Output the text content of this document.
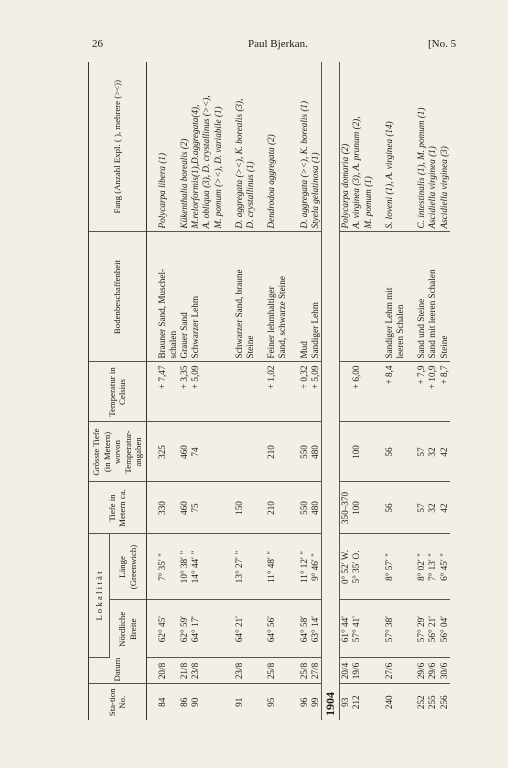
26	Paul Bjerkan.	[No. 5
Sta-tion No.	Datum	L o k a l i t ä t		Tiefe in Metern ca.	Grösste Tiefe (in Metern) wovon Temperatur-angaben	Temperatur in Celsius	Bodenbeschaffenheit	Fang (Anzahl Expl. ( ), mehrere (><))
		Nördliche Breite	Länge (Greenwich)					

84	20/8	62° 45′	7° 35′ "	330	325	+ 7,47	Brauner Sand, Muschel-	Polycarpa libera (1)
							schalen	
86	21/8	62° 59′	10° 38′ "	460	460	+ 3,35	Grauer Sand	Kükenthalia borealis (2)
90	23/8	64° 17′	14° 44′ "	75	74	+ 5,09	Schwarzer Lehm	M.relorformis(1),D.aggregata(4),
								A. obliqua (3), D. crystallinus (><),
								M. pomum (><), D. variabile (1)

91	23/8	64° 21′	13° 27′ "	150			Schwarzer Sand, braune	D. aggregata (><), K. borealis (3),
							Steine	D. crystallinus (1)

95	25/8	64° 56′	11° 48′ "	210	210	+ 1,02	Feiner lehmhaltiger	Dendrodoa aggregata (2)
							Sand, schwarze Steine	

96	25/8	64° 58′	11° 12′ "	550	550	÷ 0,32	Mud	D. aggregata (><), K. borealis (1)
99	27/8	63° 14′	9° 46′ "	480	480	+ 5,09	Sandiger Lehm	Styela gelatinosa (1)
1904								
93	20/4	61° 44′	0° 52′ W.	350–370				Polycarpa domaria (2)
212	19/6	57° 41′	5° 35′ O.	100	100	+ 6,00		A. virginea (3), A. prunum (2),
								M. pomum (1)

240	27/6	57° 38′	8° 57′ "	56	56	+ 8,4	Sandiger Lehm mit	S. loveni (1), A. virginea (14)
							leeren Schalen	

252	29/6	57° 29′	8° 02′ "	57	57	+ 7,9	Sand und Steine	C. intestinalis (1), M. pomum (1)
255	29/6	56° 21′	7° 13′ "	32	32	+ 10,9	Sand mit leeren Schalen	Ascidiella virginea (1)
256	30/6	56° 04′	6° 45′ "	42	42	+ 8,7	Steine	Ascidiella virginea (3)
